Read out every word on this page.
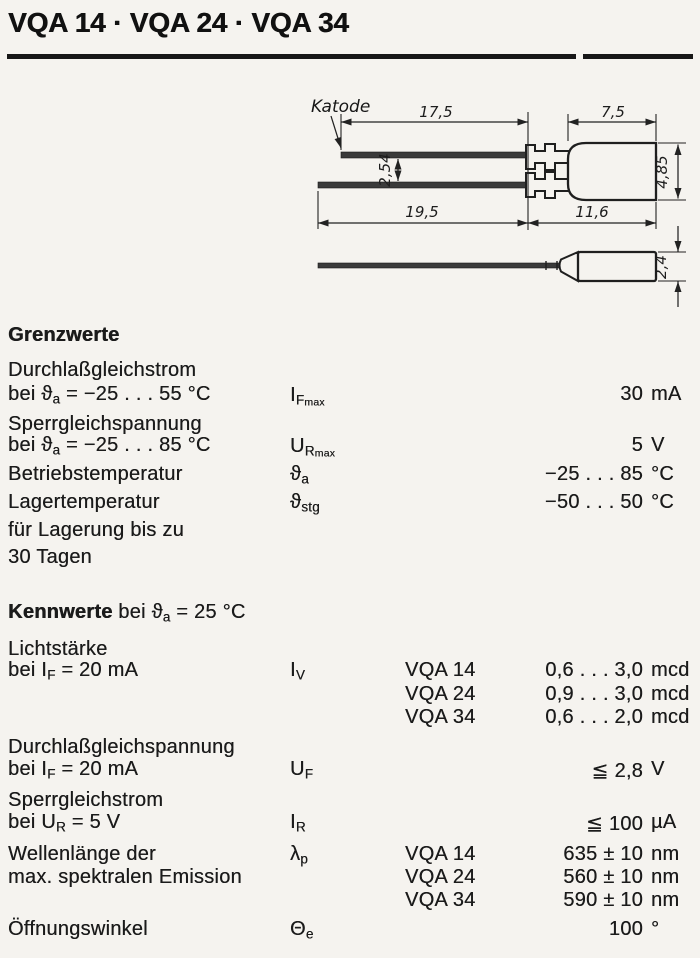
VQA 14 · VQA 24 · VQA 34
Katode	17,5	7,5
2,54
19,5	11,6
4,85
2,4
Grenzwerte
Durchlaßgleichstrom
bei ϑa = −25 . . . 55 °C	$IF_{max}$	30 mA
Sperrgleichspannung
bei ϑa = −25 . . . 85 °C	$UR_{max}$	5 V
Betriebstemperatur	ϑa	−25 . . . 85 °C
Lagertemperatur	ϑstg	−50 . . . 50 °C
für Lagerung bis zu
30 Tagen
Kennwerte bei ϑa = 25 °C
Lichtstärke
bei IF = 20 mA	IV	VQA 14	0,6 . . . 3,0 mcd
VQA 24	0,9 . . . 3,0 mcd
VQA 34	0,6 . . . 2,0 mcd
Durchlaßgleichspannung
bei IF = 20 mA	UF	≦ 2,8 V
Sperrgleichstrom
bei UR = 5 V	IR	≦ 100 µA
Wellenlänge der	λp	VQA 14	635 ± 10 nm
max. spektralen Emission	VQA 24	560 ± 10 nm
VQA 34	590 ± 10 nm
Öffnungswinkel	Θe	100 °
